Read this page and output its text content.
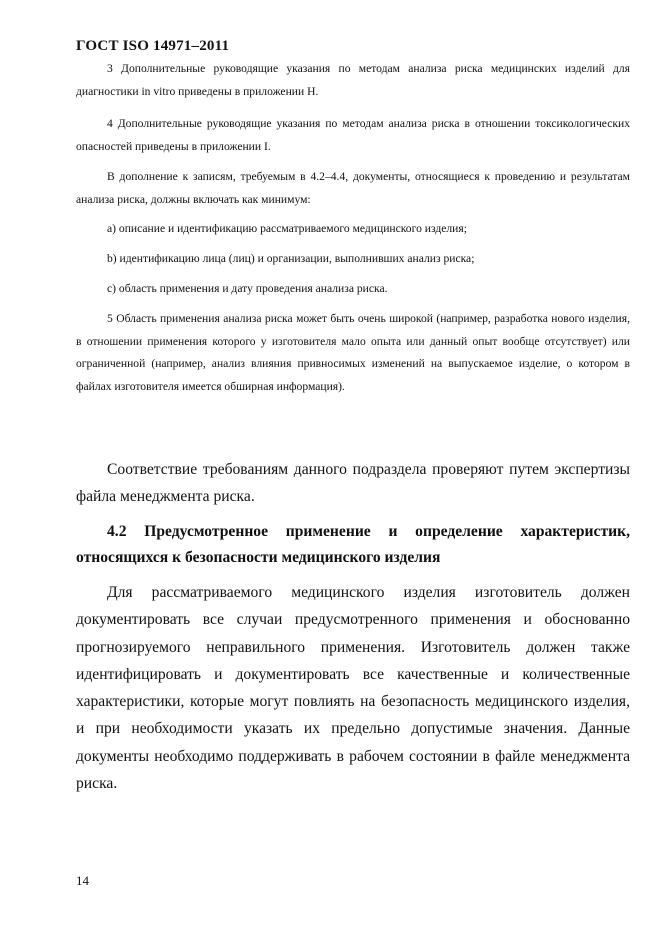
ГОСТ ISO 14971–2011

3 Дополнительные руководящие указания по методам анализа риска медицинских изделий для диагностики in vitro приведены в приложении Н.

4 Дополнительные руководящие указания по методам анализа риска в отношении токсикологических опасностей приведены в приложении I.

В дополнение к записям, требуемым в 4.2–4.4, документы, относящиеся к проведению и результатам анализа риска, должны включать как минимум:

a) описание и идентификацию рассматриваемого медицинского изделия;

b) идентификацию лица (лиц) и организации, выполнивших анализ риска;

c) область применения и дату проведения анализа риска.

5 Область применения анализа риска может быть очень широкой (например, разработка нового изделия, в отношении применения которого у изготовителя мало опыта или данный опыт вообще отсутствует) или ограниченной (например, анализ влияния привносимых изменений на выпускаемое изделие, о котором в файлах изготовителя имеется обширная информация).

Соответствие требованиям данного подраздела проверяют путем экспертизы файла менеджмента риска.

4.2 Предусмотренное применение и определение характеристик, относящихся к безопасности медицинского изделия

Для рассматриваемого медицинского изделия изготовитель должен документировать все случаи предусмотренного применения и обоснованно прогнозируемого неправильного применения. Изготовитель должен также идентифицировать и документировать все качественные и количественные характеристики, которые могут повлиять на безопасность медицинского изделия, и при необходимости указать их предельно допустимые значения. Данные документы необходимо поддерживать в рабочем состоянии в файле менеджмента риска.

14
